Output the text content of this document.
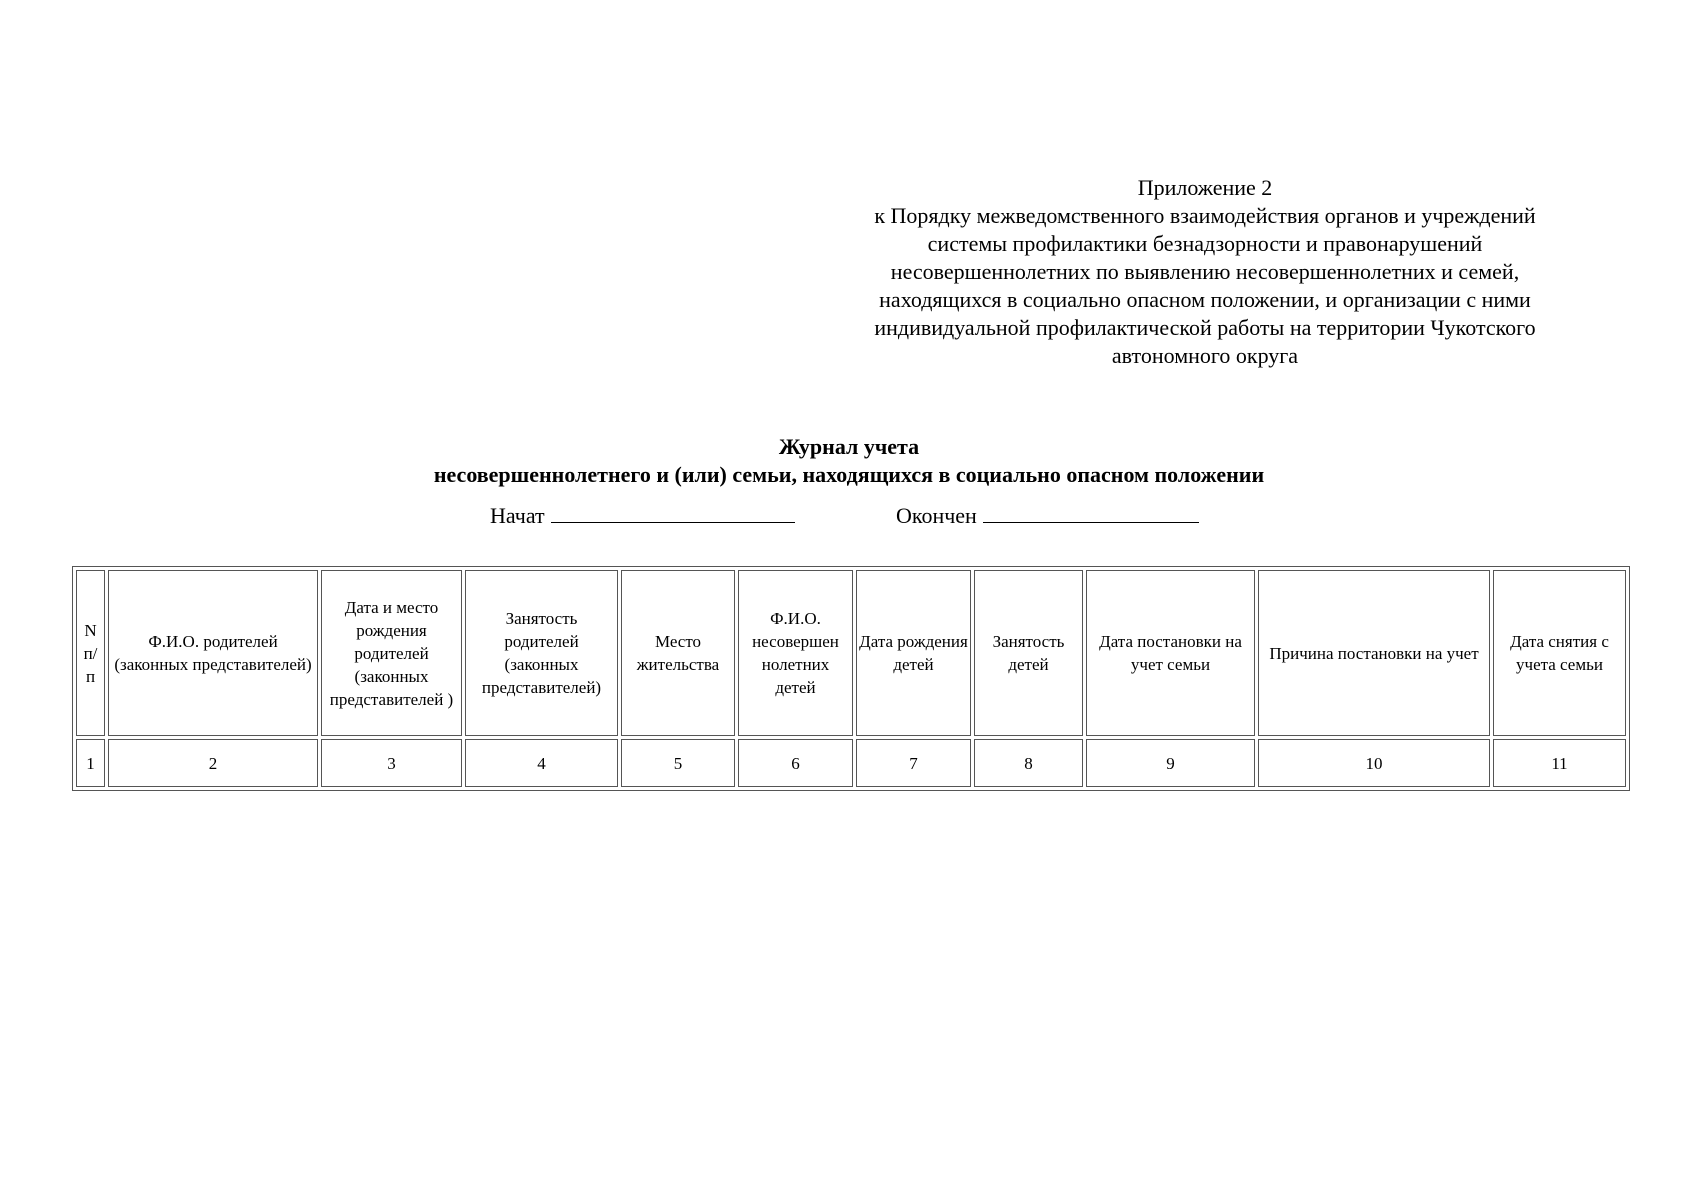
Приложение 2
к Порядку межведомственного взаимодействия органов и учреждений
системы профилактики безнадзорности и правонарушений
несовершеннолетних по выявлению несовершеннолетних и семей,
находящихся в социально опасном положении, и организации с ними
индивидуальной профилактической работы на территории Чукотского
автономного округа
Журнал учета
несовершеннолетнего и (или) семьи, находящихся в социально опасном положении
Начат	Окончен
N п/ п	Ф.И.О. родителей (законных представителей)	Дата и место рождения родителей (законных представителей )	Занятость родителей (законных представителей)	Место жительства	Ф.И.О. несовершен нолетних детей	Дата рождения детей	Занятость детей	Дата постановки на учет семьи	Причина постановки на учет	Дата снятия с учета семьи
1	2	3	4	5	6	7	8	9	10	11
